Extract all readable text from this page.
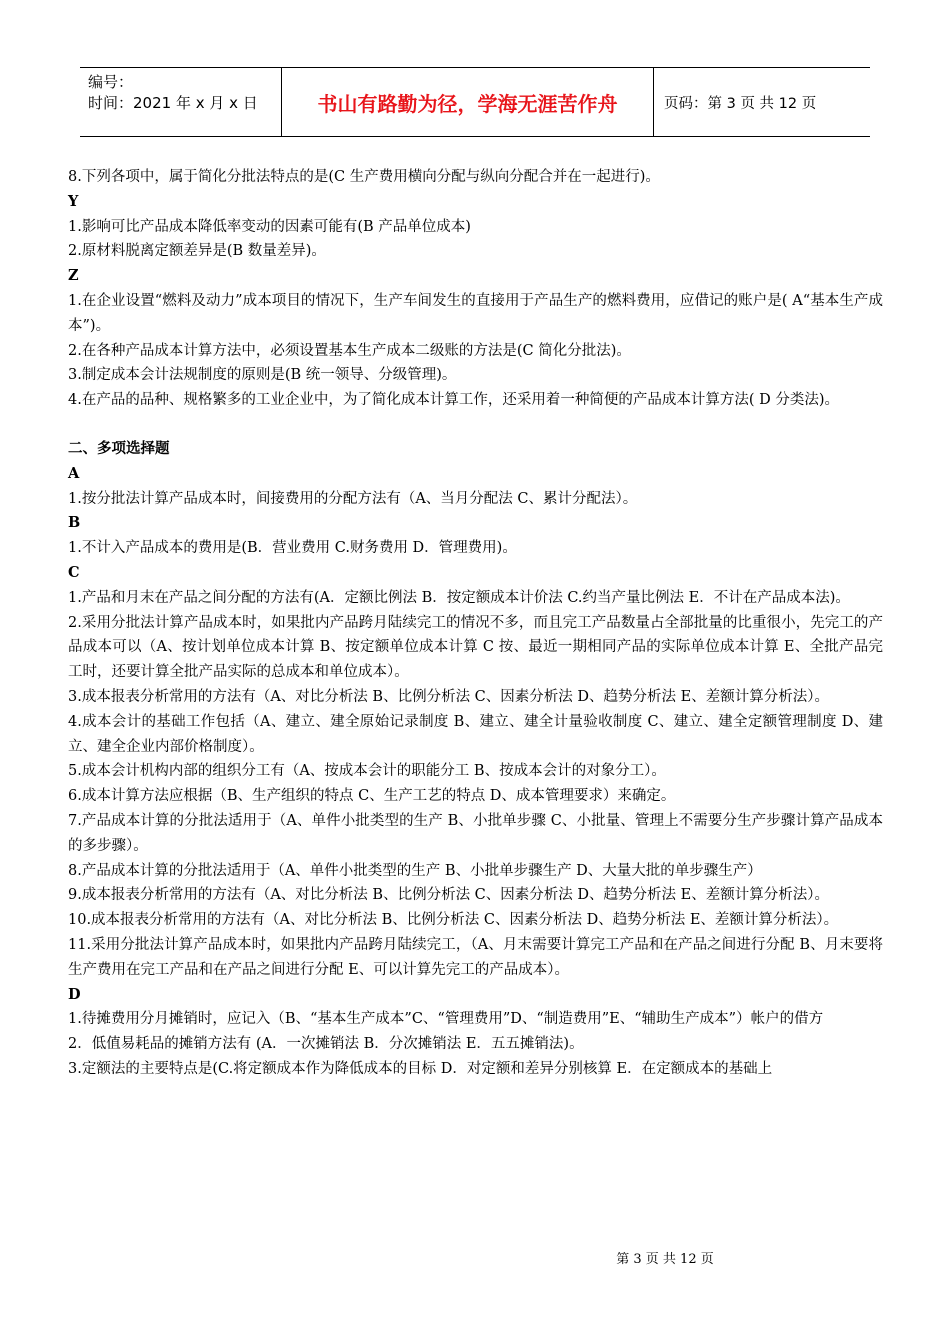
编号：
时间：2021 年 x 月 x 日	书山有路勤为径，学海无涯苦作舟	页码：第 3 页 共 12 页

8.下列各项中，属于简化分批法特点的是(C 生产费用横向分配与纵向分配合并在一起进行)。

Y

1.影响可比产品成本降低率变动的因素可能有(B 产品单位成本)

2.原材料脱离定额差异是(B 数量差异)。

Z

1.在企业设置“燃料及动力”成本项目的情况下，生产车间发生的直接用于产品生产的燃料费用，应借记的账户是( A“基本生产成本”)。

2.在各种产品成本计算方法中，必须设置基本生产成本二级账的方法是(C 简化分批法)。

3.制定成本会计法规制度的原则是(B 统一领导、分级管理)。

4.在产品的品种、规格繁多的工业企业中，为了简化成本计算工作，还采用着一种简便的产品成本计算方法( D 分类法)。

二、多项选择题

A

1.按分批法计算产品成本时，间接费用的分配方法有（A、当月分配法 C、累计分配法）。

B

1.不计入产品成本的费用是(B．营业费用 C.财务费用 D．管理费用)。

C

1.产品和月末在产品之间分配的方法有(A．定额比例法 B．按定额成本计价法 C.约当产量比例法 E．不计在产品成本法)。

2.采用分批法计算产品成本时，如果批内产品跨月陆续完工的情况不多，而且完工产品数量占全部批量的比重很小，先完工的产品成本可以（A、按计划单位成本计算 B、按定额单位成本计算 C 按、最近一期相同产品的实际单位成本计算 E、全批产品完工时，还要计算全批产品实际的总成本和单位成本）。

3.成本报表分析常用的方法有（A、对比分析法 B、比例分析法 C、因素分析法 D、趋势分析法 E、差额计算分析法）。

4.成本会计的基础工作包括（A、建立、建全原始记录制度 B、建立、建全计量验收制度 C、建立、建全定额管理制度 D、建立、建全企业内部价格制度）。

5.成本会计机构内部的组织分工有（A、按成本会计的职能分工 B、按成本会计的对象分工）。

6.成本计算方法应根据（B、生产组织的特点 C、生产工艺的特点 D、成本管理要求）来确定。

7.产品成本计算的分批法适用于（A、单件小批类型的生产 B、小批单步骤 C、小批量、管理上不需要分生产步骤计算产品成本的多步骤）。

8.产品成本计算的分批法适用于（A、单件小批类型的生产 B、小批单步骤生产 D、大量大批的单步骤生产）

9.成本报表分析常用的方法有（A、对比分析法 B、比例分析法 C、因素分析法 D、趋势分析法 E、差额计算分析法）。

10.成本报表分析常用的方法有（A、对比分析法 B、比例分析法 C、因素分析法 D、趋势分析法 E、差额计算分析法）。

11.采用分批法计算产品成本时，如果批内产品跨月陆续完工，（A、月末需要计算完工产品和在产品之间进行分配 B、月末要将生产费用在完工产品和在产品之间进行分配 E、可以计算先完工的产品成本）。

D

1.待摊费用分月摊销时，应记入（B、“基本生产成本”C、“管理费用”D、“制造费用”E、“辅助生产成本”）帐户的借方

2．低值易耗品的摊销方法有 (A．一次摊销法 B．分次摊销法 E．五五摊销法)。

3.定额法的主要特点是(C.将定额成本作为降低成本的目标 D．对定额和差异分别核算 E．在定额成本的基础上

第 3 页 共 12 页
